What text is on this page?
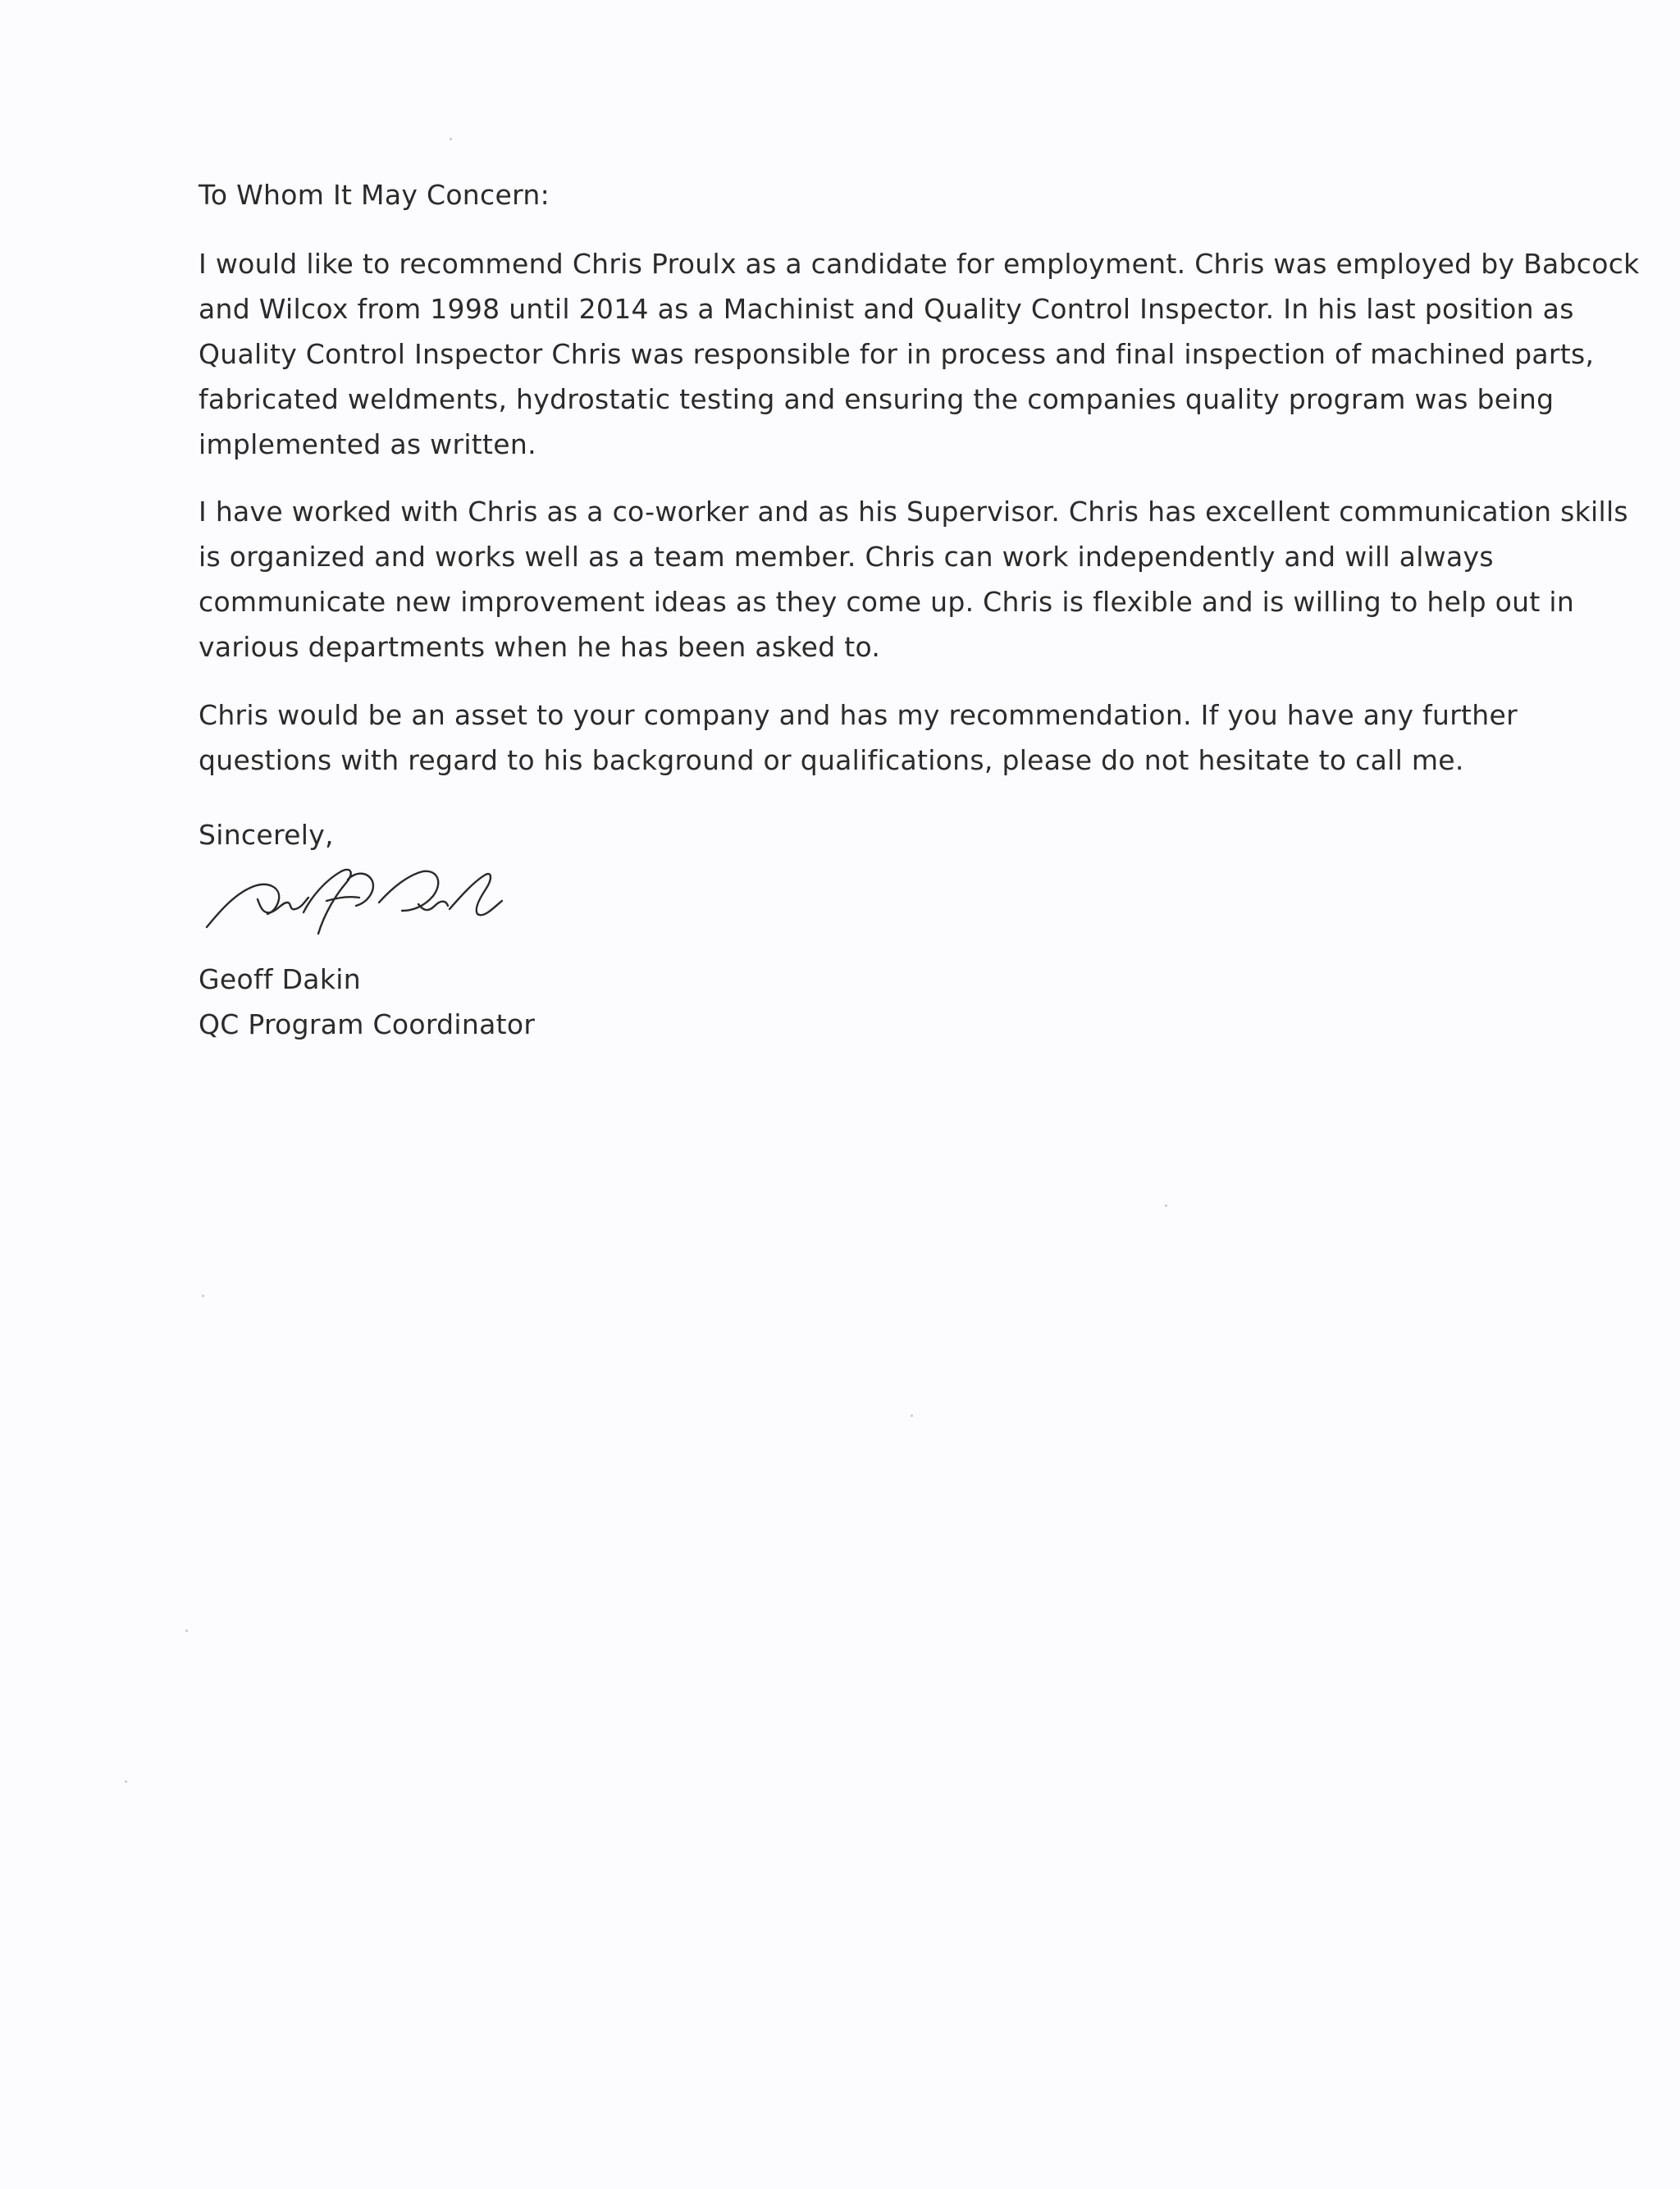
To Whom It May Concern:
I would like to recommend Chris Proulx as a candidate for employment. Chris was employed by Babcock
and Wilcox from 1998 until 2014 as a Machinist and Quality Control Inspector. In his last position as
Quality Control Inspector Chris was responsible for in process and final inspection of machined parts,
fabricated weldments, hydrostatic testing and ensuring the companies quality program was being
implemented as written.
I have worked with Chris as a co-worker and as his Supervisor. Chris has excellent communication skills
is organized and works well as a team member. Chris can work independently and will always
communicate new improvement ideas as they come up. Chris is flexible and is willing to help out in
various departments when he has been asked to.
Chris would be an asset to your company and has my recommendation. If you have any further
questions with regard to his background or qualifications, please do not hesitate to call me.
Sincerely,
Geoff Dakin
QC Program Coordinator
